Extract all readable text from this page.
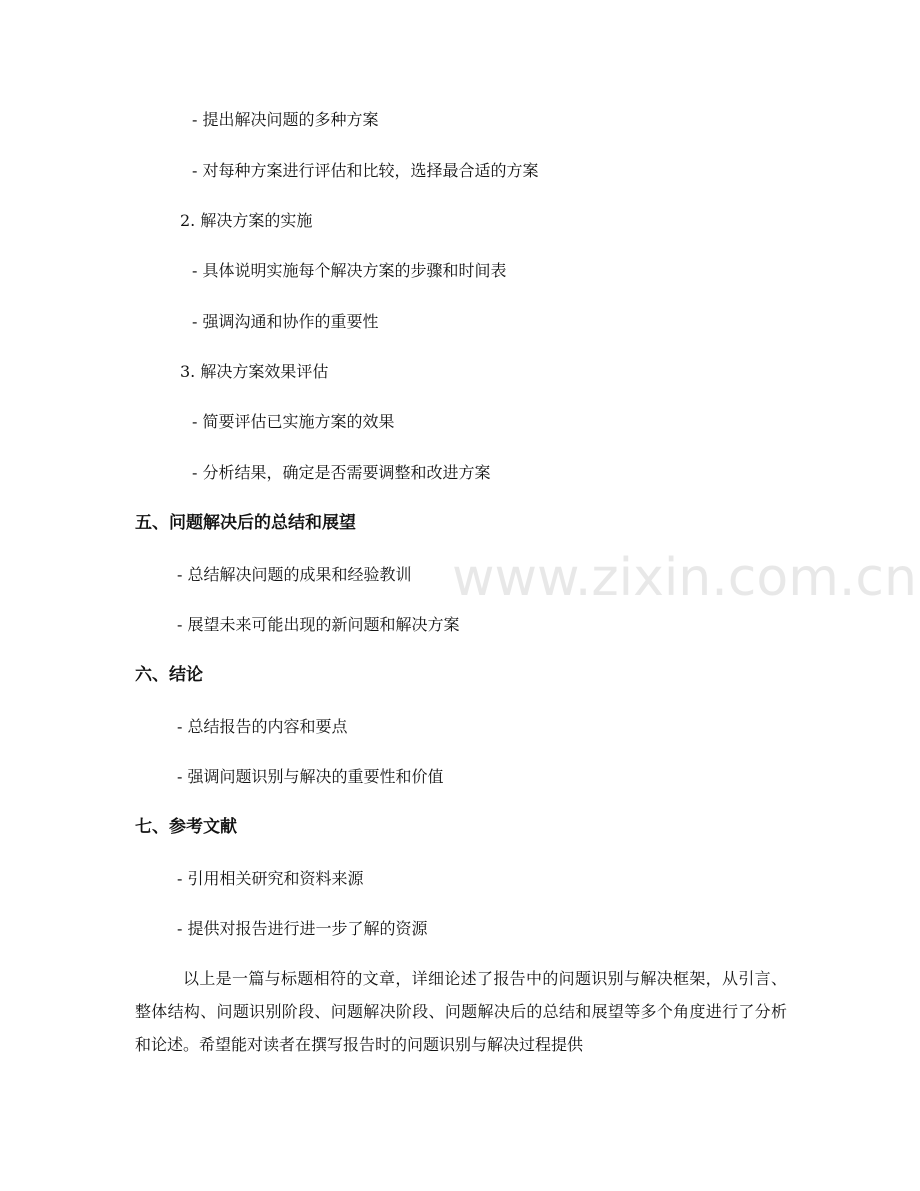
- 提出解决问题的多种方案
- 对每种方案进行评估和比较，选择最合适的方案
2. 解决方案的实施
- 具体说明实施每个解决方案的步骤和时间表
- 强调沟通和协作的重要性
3. 解决方案效果评估
- 简要评估已实施方案的效果
- 分析结果，确定是否需要调整和改进方案
五、问题解决后的总结和展望
- 总结解决问题的成果和经验教训
- 展望未来可能出现的新问题和解决方案
六、结论
- 总结报告的内容和要点
- 强调问题识别与解决的重要性和价值
七、参考文献
- 引用相关研究和资料来源
- 提供对报告进行进一步了解的资源
以上是一篇与标题相符的文章，详细论述了报告中的问题识别与解决框架，从引言、整体结构、问题识别阶段、问题解决阶段、问题解决后的总结和展望等多个角度进行了分析和论述。希望能对读者在撰写报告时的问题识别与解决过程提供
www.zixin.com.cn
